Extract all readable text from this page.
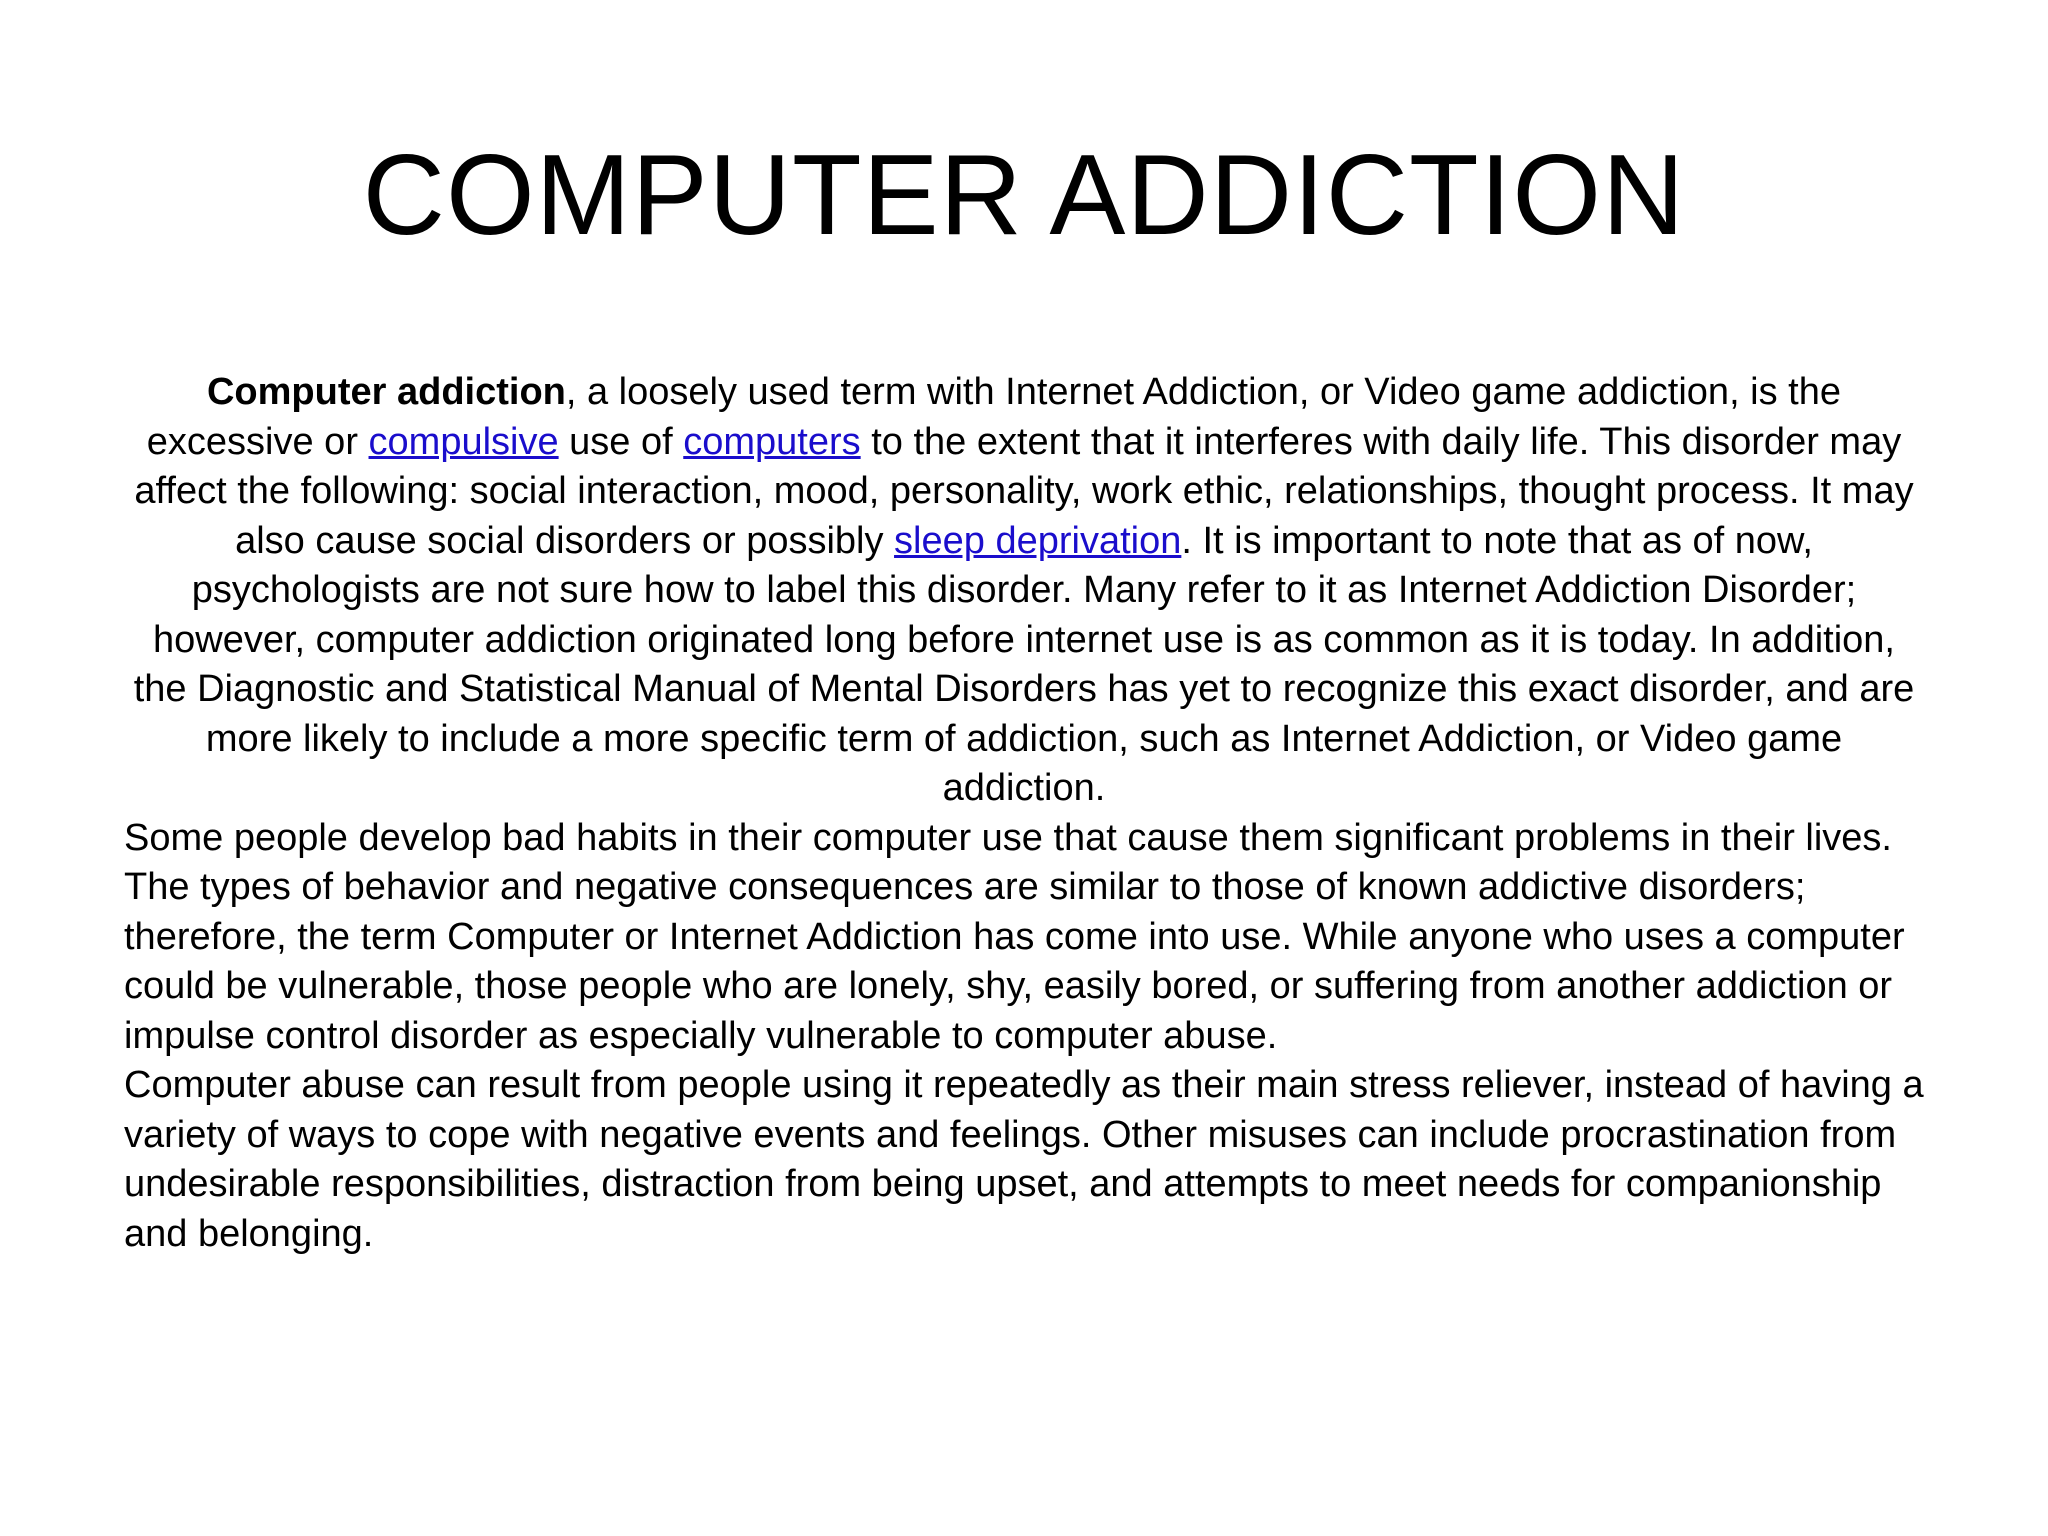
COMPUTER ADDICTION

Computer addiction, a loosely used term with Internet Addiction, or Video game addiction, is the excessive or compulsive use of computers to the extent that it interferes with daily life. This disorder may affect the following: social interaction, mood, personality, work ethic, relationships, thought process. It may also cause social disorders or possibly sleep deprivation. It is important to note that as of now, psychologists are not sure how to label this disorder. Many refer to it as Internet Addiction Disorder; however, computer addiction originated long before internet use is as common as it is today. In addition, the Diagnostic and Statistical Manual of Mental Disorders has yet to recognize this exact disorder, and are more likely to include a more specific term of addiction, such as Internet Addiction, or Video game addiction.

Some people develop bad habits in their computer use that cause them significant problems in their lives. The types of behavior and negative consequences are similar to those of known addictive disorders; therefore, the term Computer or Internet Addiction has come into use. While anyone who uses a computer could be vulnerable, those people who are lonely, shy, easily bored, or suffering from another addiction or impulse control disorder as especially vulnerable to computer abuse.

Computer abuse can result from people using it repeatedly as their main stress reliever, instead of having a variety of ways to cope with negative events and feelings. Other misuses can include procrastination from undesirable responsibilities, distraction from being upset, and attempts to meet needs for companionship and belonging.
